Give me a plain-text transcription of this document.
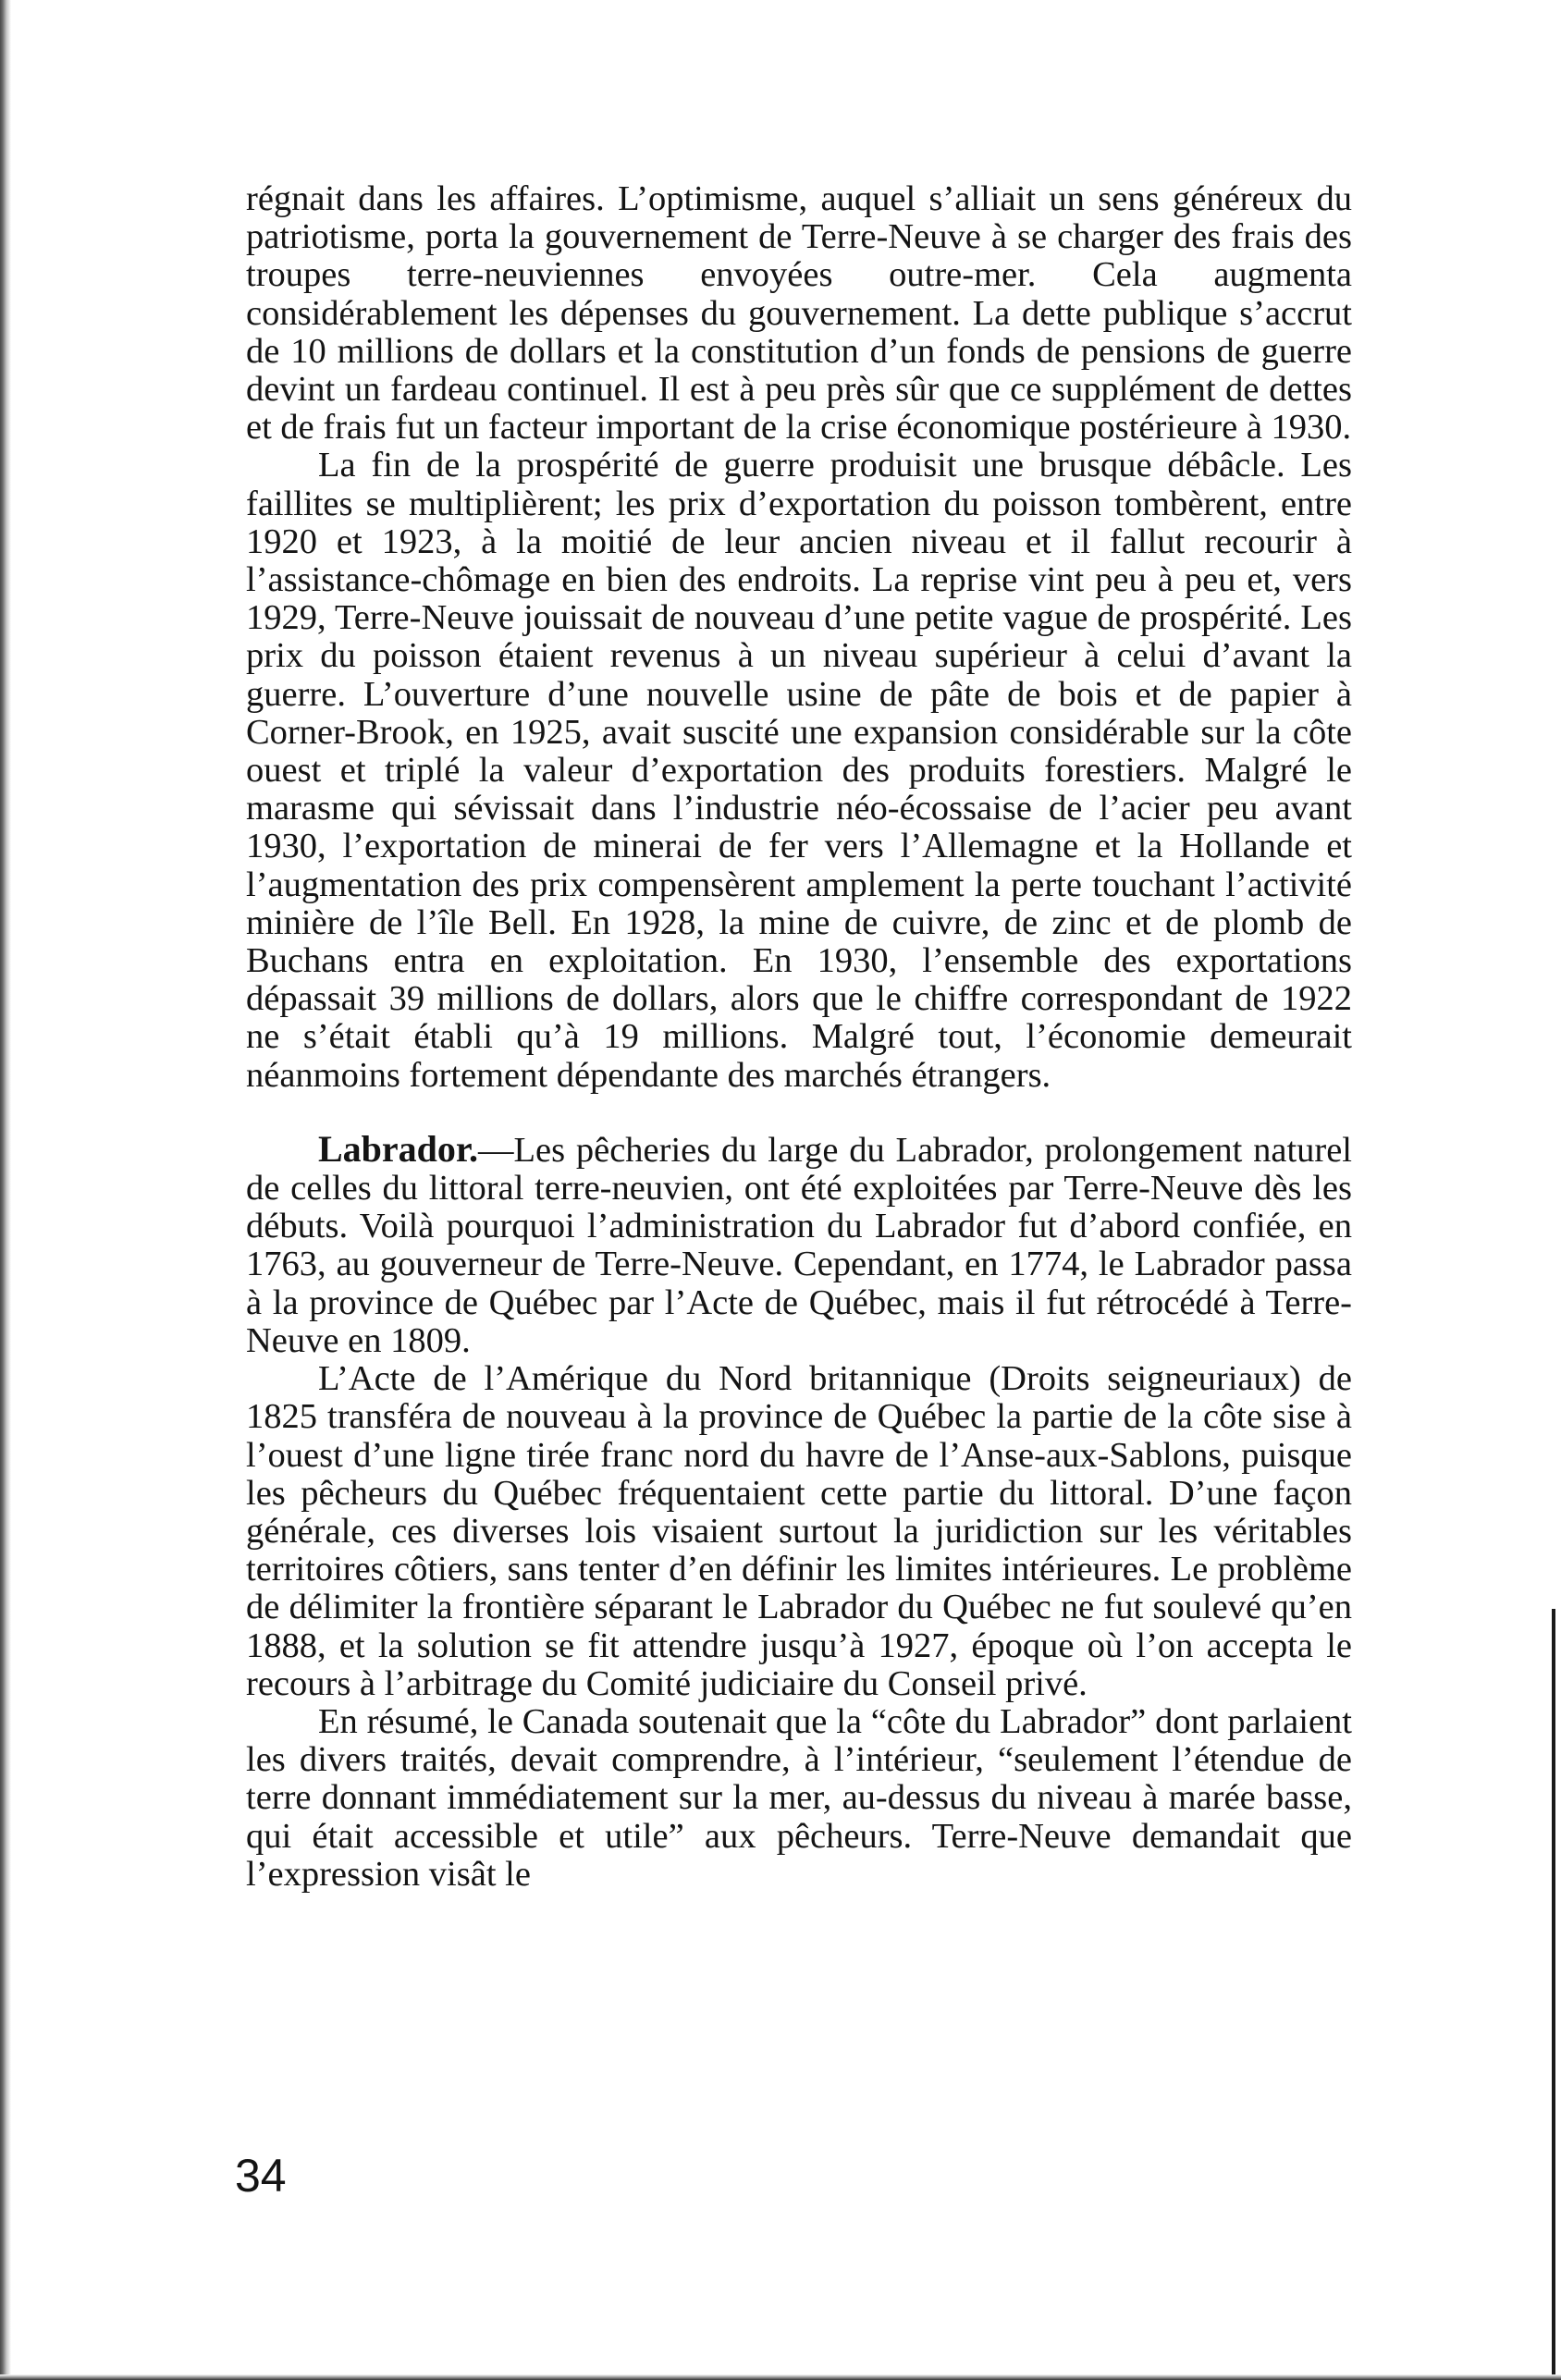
régnait dans les affaires. L’optimisme, auquel s’alliait un sens généreux du patriotisme, porta la gouvernement de Terre-Neuve à se charger des frais des troupes terre-neuviennes envoyées outre-mer. Cela augmenta considérablement les dépenses du gouvernement. La dette publique s’accrut de 10 millions de dollars et la constitution d’un fonds de pensions de guerre devint un fardeau continuel. Il est à peu près sûr que ce supplément de dettes et de frais fut un facteur important de la crise économique postérieure à 1930.

La fin de la prospérité de guerre produisit une brusque débâcle. Les faillites se multiplièrent; les prix d’exportation du poisson tombèrent, entre 1920 et 1923, à la moitié de leur ancien niveau et il fallut recourir à l’assistance-chômage en bien des endroits. La reprise vint peu à peu et, vers 1929, Terre-Neuve jouissait de nouveau d’une petite vague de prospérité. Les prix du poisson étaient revenus à un niveau supérieur à celui d’avant la guerre. L’ouverture d’une nouvelle usine de pâte de bois et de papier à Corner-Brook, en 1925, avait suscité une expansion considérable sur la côte ouest et triplé la valeur d’exportation des produits forestiers. Malgré le marasme qui sévissait dans l’industrie néo-écossaise de l’acier peu avant 1930, l’exportation de minerai de fer vers l’Allemagne et la Hollande et l’augmentation des prix compensèrent amplement la perte touchant l’activité minière de l’île Bell. En 1928, la mine de cuivre, de zinc et de plomb de Buchans entra en exploitation. En 1930, l’ensemble des exportations dépassait 39 millions de dollars, alors que le chiffre correspondant de 1922 ne s’était établi qu’à 19 millions. Malgré tout, l’économie demeurait néanmoins fortement dépendante des marchés étrangers.

Labrador.—Les pêcheries du large du Labrador, prolongement naturel de celles du littoral terre-neuvien, ont été exploitées par Terre-Neuve dès les débuts. Voilà pourquoi l’administration du Labrador fut d’abord confiée, en 1763, au gouverneur de Terre-Neuve. Cependant, en 1774, le Labrador passa à la province de Québec par l’Acte de Québec, mais il fut rétrocédé à Terre-Neuve en 1809.

L’Acte de l’Amérique du Nord britannique (Droits seigneuriaux) de 1825 transféra de nouveau à la province de Québec la partie de la côte sise à l’ouest d’une ligne tirée franc nord du havre de l’Anse-aux-Sablons, puisque les pêcheurs du Québec fréquentaient cette partie du littoral. D’une façon générale, ces diverses lois visaient surtout la juridiction sur les véritables territoires côtiers, sans tenter d’en définir les limites intérieures. Le problème de délimiter la frontière séparant le Labrador du Québec ne fut soulevé qu’en 1888, et la solution se fit attendre jusqu’à 1927, époque où l’on accepta le recours à l’arbitrage du Comité judiciaire du Conseil privé.

En résumé, le Canada soutenait que la “côte du Labrador” dont parlaient les divers traités, devait comprendre, à l’intérieur, “seulement l’étendue de terre donnant immédiatement sur la mer, au-dessus du niveau à marée basse, qui était accessible et utile” aux pêcheurs. Terre-Neuve demandait que l’expression visât le

34
